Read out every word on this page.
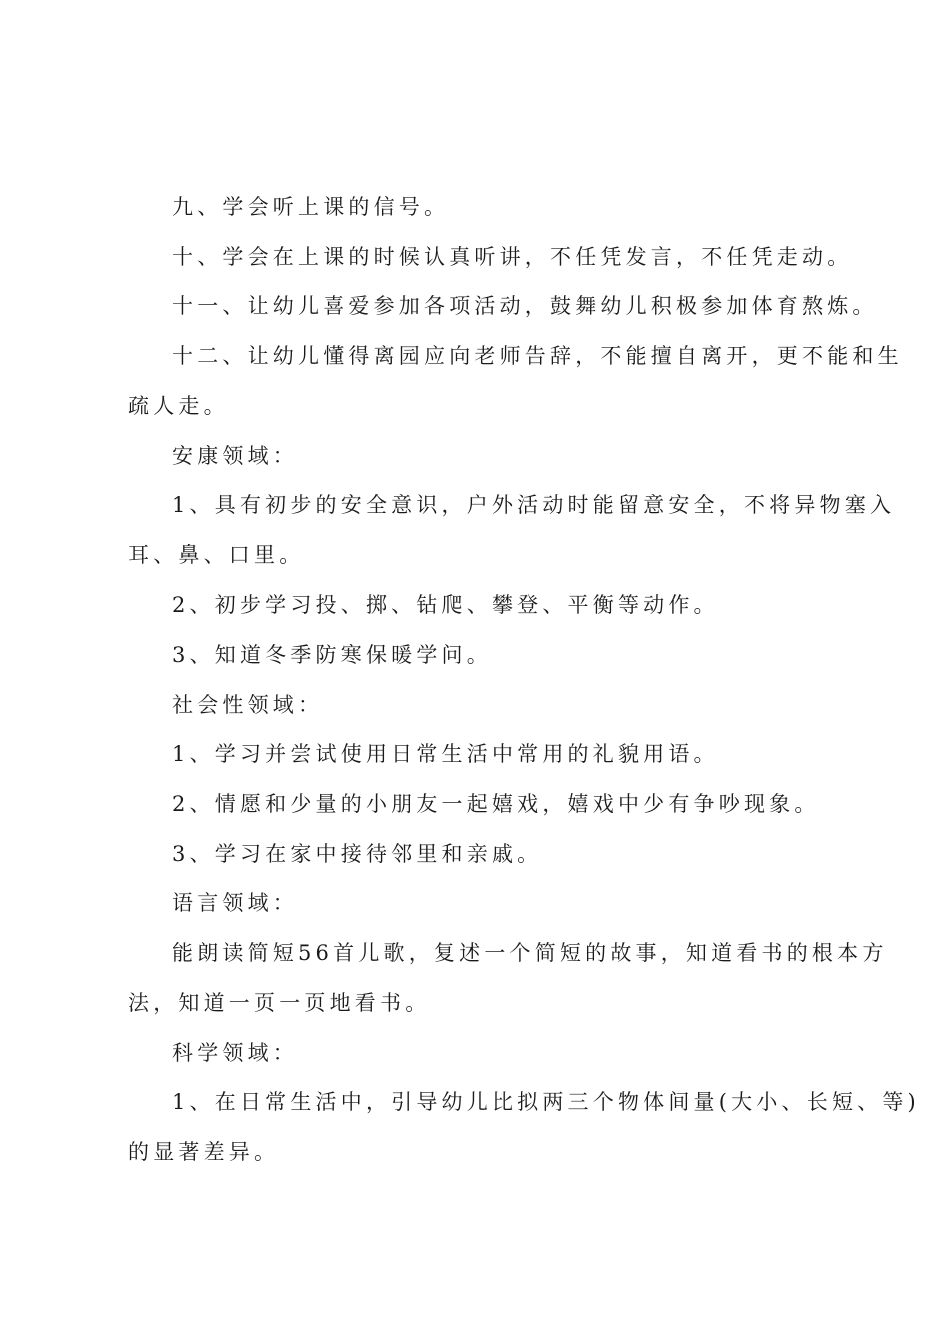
九、学会听上课的信号。

十、学会在上课的时候认真听讲，不任凭发言，不任凭走动。

十一、让幼儿喜爱参加各项活动，鼓舞幼儿积极参加体育熬炼。

十二、让幼儿懂得离园应向老师告辞，不能擅自离开，更不能和生

疏人走。

安康领域：

1、具有初步的安全意识，户外活动时能留意安全，不将异物塞入

耳、鼻、口里。

2、初步学习投、掷、钻爬、攀登、平衡等动作。

3、知道冬季防寒保暖学问。

社会性领域：

1、学习并尝试使用日常生活中常用的礼貌用语。

2、情愿和少量的小朋友一起嬉戏，嬉戏中少有争吵现象。

3、学习在家中接待邻里和亲戚。

语言领域：

能朗读简短56首儿歌，复述一个简短的故事，知道看书的根本方

法，知道一页一页地看书。

科学领域：

1、在日常生活中，引导幼儿比拟两三个物体间量(大小、长短、等)

的显著差异。
